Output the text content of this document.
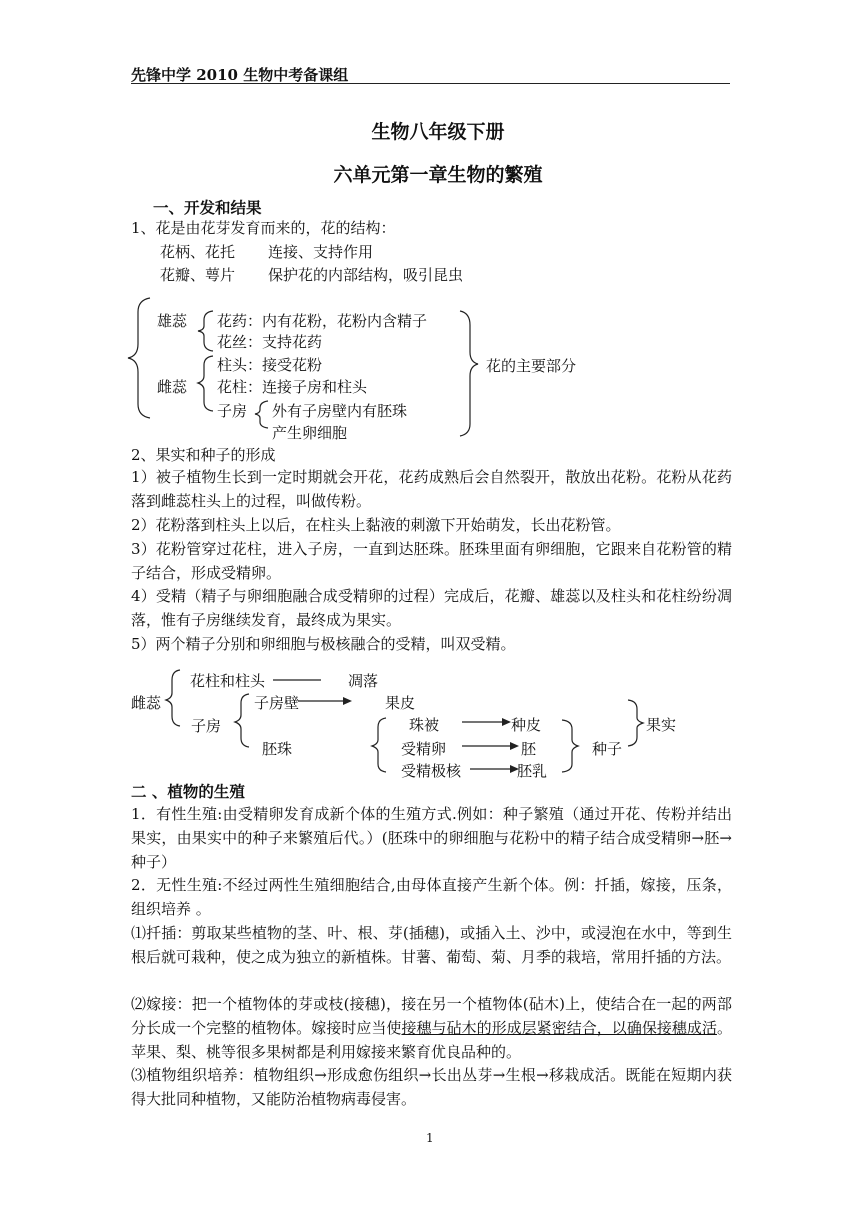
先锋中学 2010 生物中考备课组
生物八年级下册
六单元第一章生物的繁殖
一、开发和结果
1、花是由花芽发育而来的，花的结构：
花柄、花托 连接、支持作用
花瓣、萼片 保护花的内部结构，吸引昆虫
雄蕊 花药：内有花粉，花粉内含精子
花丝：支持花药
柱头：接受花粉
雌蕊 花柱：连接子房和柱头
子房 外有子房壁内有胚珠
产生卵细胞
花的主要部分
2、果实和种子的形成
1）被子植物生长到一定时期就会开花，花药成熟后会自然裂开，散放出花粉。花粉从花药落到雌蕊柱头上的过程，叫做传粉。
2）花粉落到柱头上以后，在柱头上黏液的刺激下开始萌发，长出花粉管。
3）花粉管穿过花柱，进入子房，一直到达胚珠。胚珠里面有卵细胞，它跟来自花粉管的精子结合，形成受精卵。
4）受精（精子与卵细胞融合成受精卵的过程）完成后，花瓣、雄蕊以及柱头和花柱纷纷凋落，惟有子房继续发育，最终成为果实。
5）两个精子分别和卵细胞与极核融合的受精，叫双受精。
雌蕊
花柱和柱头	凋落
子房壁	果皮
子房	珠被	种皮	果实
胚珠	受精卵	胚	种子
受精极核	胚乳
二 、植物的生殖
1．有性生殖:由受精卵发育成新个体的生殖方式.例如：种子繁殖（通过开花、传粉并结出果实，由果实中的种子来繁殖后代。）(胚珠中的卵细胞与花粉中的精子结合成受精卵→胚→种子）
2．无性生殖:不经过两性生殖细胞结合,由母体直接产生新个体。例：扦插，嫁接，压条，组织培养 。
⑴扦插：剪取某些植物的茎、叶、根、芽(插穗)，或插入土、沙中，或浸泡在水中，等到生根后就可栽种，使之成为独立的新植株。甘薯、葡萄、菊、月季的栽培，常用扦插的方法。
⑵嫁接：把一个植物体的芽或枝(接穗)，接在另一个植物体(砧木)上，使结合在一起的两部分长成一个完整的植物体。嫁接时应当使接穗与砧木的形成层紧密结合，以确保接穗成活。苹果、梨、桃等很多果树都是利用嫁接来繁育优良品种的。
⑶植物组织培养：植物组织→形成愈伤组织→长出丛芽→生根→移栽成活。既能在短期内获得大批同种植物，又能防治植物病毒侵害。
1
